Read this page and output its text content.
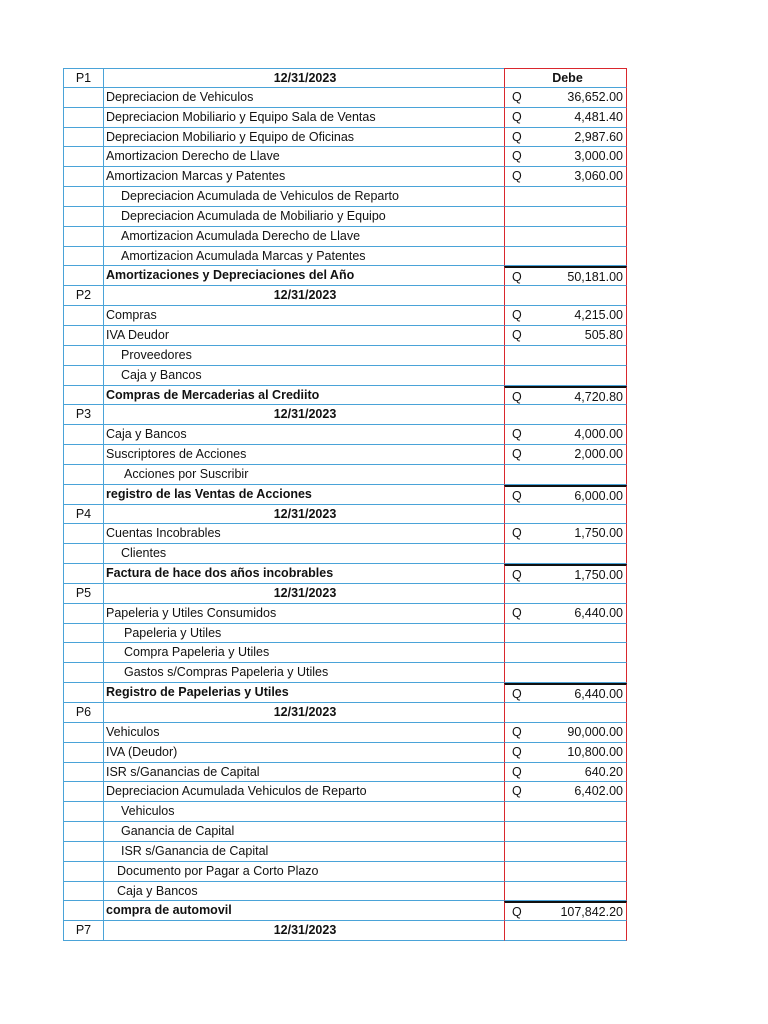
P1	12/31/2023	Debe
Depreciacion de Vehiculos	Q	36,652.00
Depreciacion Mobiliario y Equipo Sala de Ventas	Q	4,481.40
Depreciacion Mobiliario y Equipo de Oficinas	Q	2,987.60
Amortizacion Derecho de Llave	Q	3,000.00
Amortizacion Marcas y Patentes	Q	3,060.00
Depreciacion Acumulada de Vehiculos de Reparto
Depreciacion Acumulada de Mobiliario y Equipo
Amortizacion Acumulada Derecho de Llave
Amortizacion Acumulada Marcas y Patentes
Amortizaciones y Depreciaciones del Año	Q	50,181.00
P2	12/31/2023
Compras	Q	4,215.00
IVA Deudor	Q	505.80
Proveedores
Caja y Bancos
Compras de Mercaderias al Crediito	Q	4,720.80
P3	12/31/2023
Caja y Bancos	Q	4,000.00
Suscriptores de Acciones	Q	2,000.00
Acciones por Suscribir
registro de las Ventas de Acciones	Q	6,000.00
P4	12/31/2023
Cuentas Incobrables	Q	1,750.00
Clientes
Factura de hace dos años incobrables	Q	1,750.00
P5	12/31/2023
Papeleria y Utiles Consumidos	Q	6,440.00
Papeleria y Utiles
Compra Papeleria y Utiles
Gastos s/Compras Papeleria y Utiles
Registro de Papelerias y Utiles	Q	6,440.00
P6	12/31/2023
Vehiculos	Q	90,000.00
IVA (Deudor)	Q	10,800.00
ISR s/Ganancias de Capital	Q	640.20
Depreciacion Acumulada Vehiculos de Reparto	Q	6,402.00
Vehiculos
Ganancia de Capital
ISR s/Ganancia de Capital
Documento por Pagar a Corto Plazo
Caja y Bancos
compra de automovil	Q	107,842.20
P7	12/31/2023
